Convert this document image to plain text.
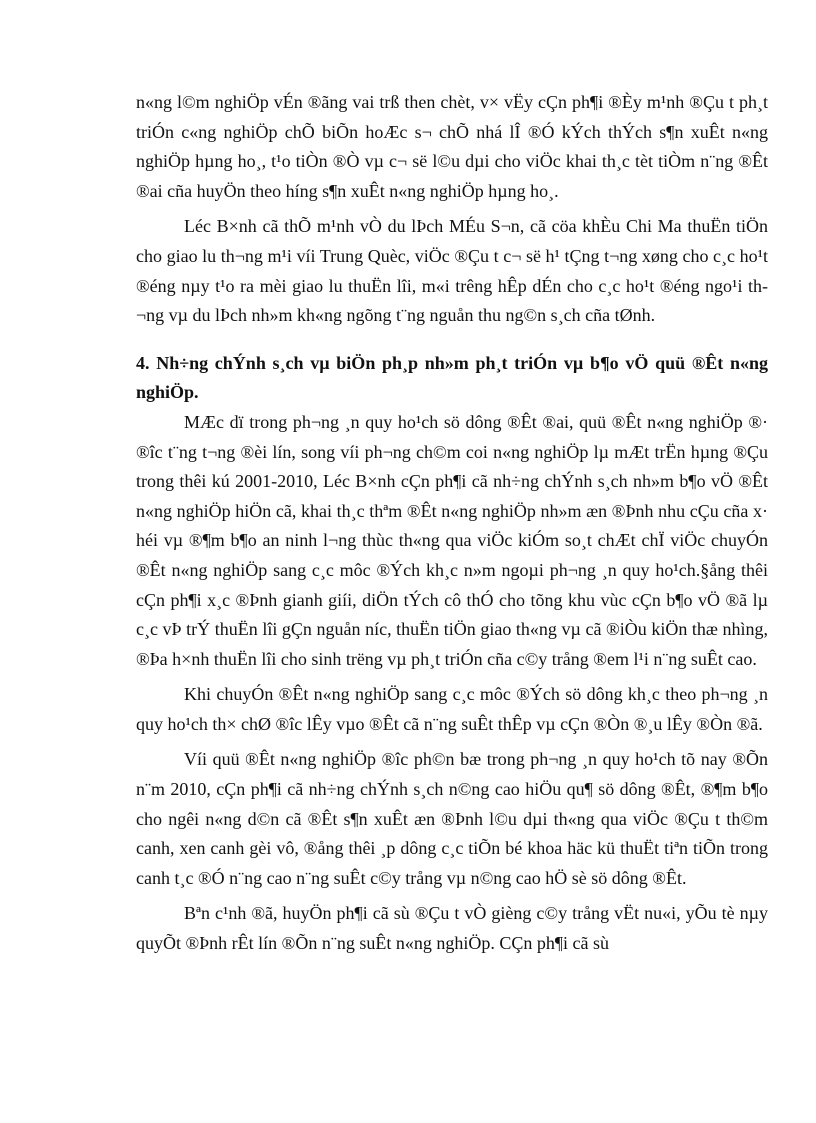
n«ng l©m nghiÖp vÉn ®ãng vai trß then chèt, v× vËy cÇn ph¶i ®Èy m¹nh ®Çu t ph¸t triÓn c«ng nghiÖp chÕ biÕn hoÆc s¬ chÕ nhá lÎ ®Ó kÝch thÝch s¶n xuÊt n«ng nghiÖp hµng ho¸, t¹o tiÒn ®Ò vµ c¬ së l©u dµi cho viÖc khai th¸c tèt tiÒm n¨ng ®Êt ®ai cña huyÖn theo híng s¶n xuÊt n«ng nghiÖp hµng ho¸.

Léc B×nh cã thÕ m¹nh vÒ du lÞch MÉu S¬n, cã cöa khÈu Chi Ma thuËn tiÖn cho giao lu th¬ng m¹i víi Trung Quèc, viÖc ®Çu t c¬ së h¹ tÇng t¬ng xøng cho c¸c ho¹t ®éng nµy t¹o ra mèi giao lu thuËn lîi, m«i trêng hÊp dÉn cho c¸c ho¹t ®éng ngo¹i th¬ng vµ du lÞch nh»m kh«ng ngõng t¨ng nguån thu ng©n s¸ch cña tØnh.

4. Nh÷ng chÝnh s¸ch vµ biÖn ph¸p nh»m ph¸t triÓn vµ b¶o vÖ quü ®Êt n«ng nghiÖp.

MÆc dï trong ph¬ng ¸n quy ho¹ch sö dông ®Êt ®ai, quü ®Êt n«ng nghiÖp ®· ®îc t¨ng t¬ng ®èi lín, song víi ph¬ng ch©m coi n«ng nghiÖp lµ mÆt trËn hµng ®Çu trong thêi kú 2001-2010, Léc B×nh cÇn ph¶i cã nh÷ng chÝnh s¸ch nh»m b¶o vÖ ®Êt n«ng nghiÖp hiÖn cã, khai th¸c thªm ®Êt n«ng nghiÖp nh»m æn ®Þnh nhu cÇu cña x· héi vµ ®¶m b¶o an ninh l¬ng thùc th«ng qua viÖc kiÓm so¸t chÆt chÏ viÖc chuyÓn ®Êt n«ng nghiÖp sang c¸c môc ®Ých kh¸c n»m ngoµi ph¬ng ¸n quy ho¹ch.§ång thêi cÇn ph¶i x¸c ®Þnh gianh giíi, diÖn tÝch cô thÓ cho tõng khu vùc cÇn b¶o vÖ ®ã lµ c¸c vÞ trÝ thuËn lîi gÇn nguån níc, thuËn tiÖn giao th«ng vµ cã ®iÒu kiÖn thæ nhìng, ®Þa h×nh thuËn lîi cho sinh trëng vµ ph¸t triÓn cña c©y trång ®em l¹i n¨ng suÊt cao.

Khi chuyÓn ®Êt n«ng nghiÖp sang c¸c môc ®Ých sö dông kh¸c theo ph¬ng ¸n quy ho¹ch th× chØ ®îc lÊy vµo ®Êt cã n¨ng suÊt thÊp vµ cÇn ®Òn ®¸u lÊy ®Òn ®ã.

Víi quü ®Êt n«ng nghiÖp ®îc ph©n bæ trong ph¬ng ¸n quy ho¹ch tõ nay ®Õn n¨m 2010, cÇn ph¶i cã nh÷ng chÝnh s¸ch n©ng cao hiÖu qu¶ sö dông ®Êt, ®¶m b¶o cho ngêi n«ng d©n cã ®Êt s¶n xuÊt æn ®Þnh l©u dµi th«ng qua viÖc ®Çu t th©m canh, xen canh gèi vô, ®ång thêi ¸p dông c¸c tiÕn bé khoa häc kü thuËt tiªn tiÕn trong canh t¸c ®Ó n¨ng cao n¨ng suÊt c©y trång vµ n©ng cao hÖ sè sö dông ®Êt.

Bªn c¹nh ®ã, huyÖn ph¶i cã sù ®Çu t vÒ gièng c©y trång vËt nu«i, yÕu tè nµy quyÕt ®Þnh rÊt lín ®Õn n¨ng suÊt n«ng nghiÖp. CÇn ph¶i cã sù
